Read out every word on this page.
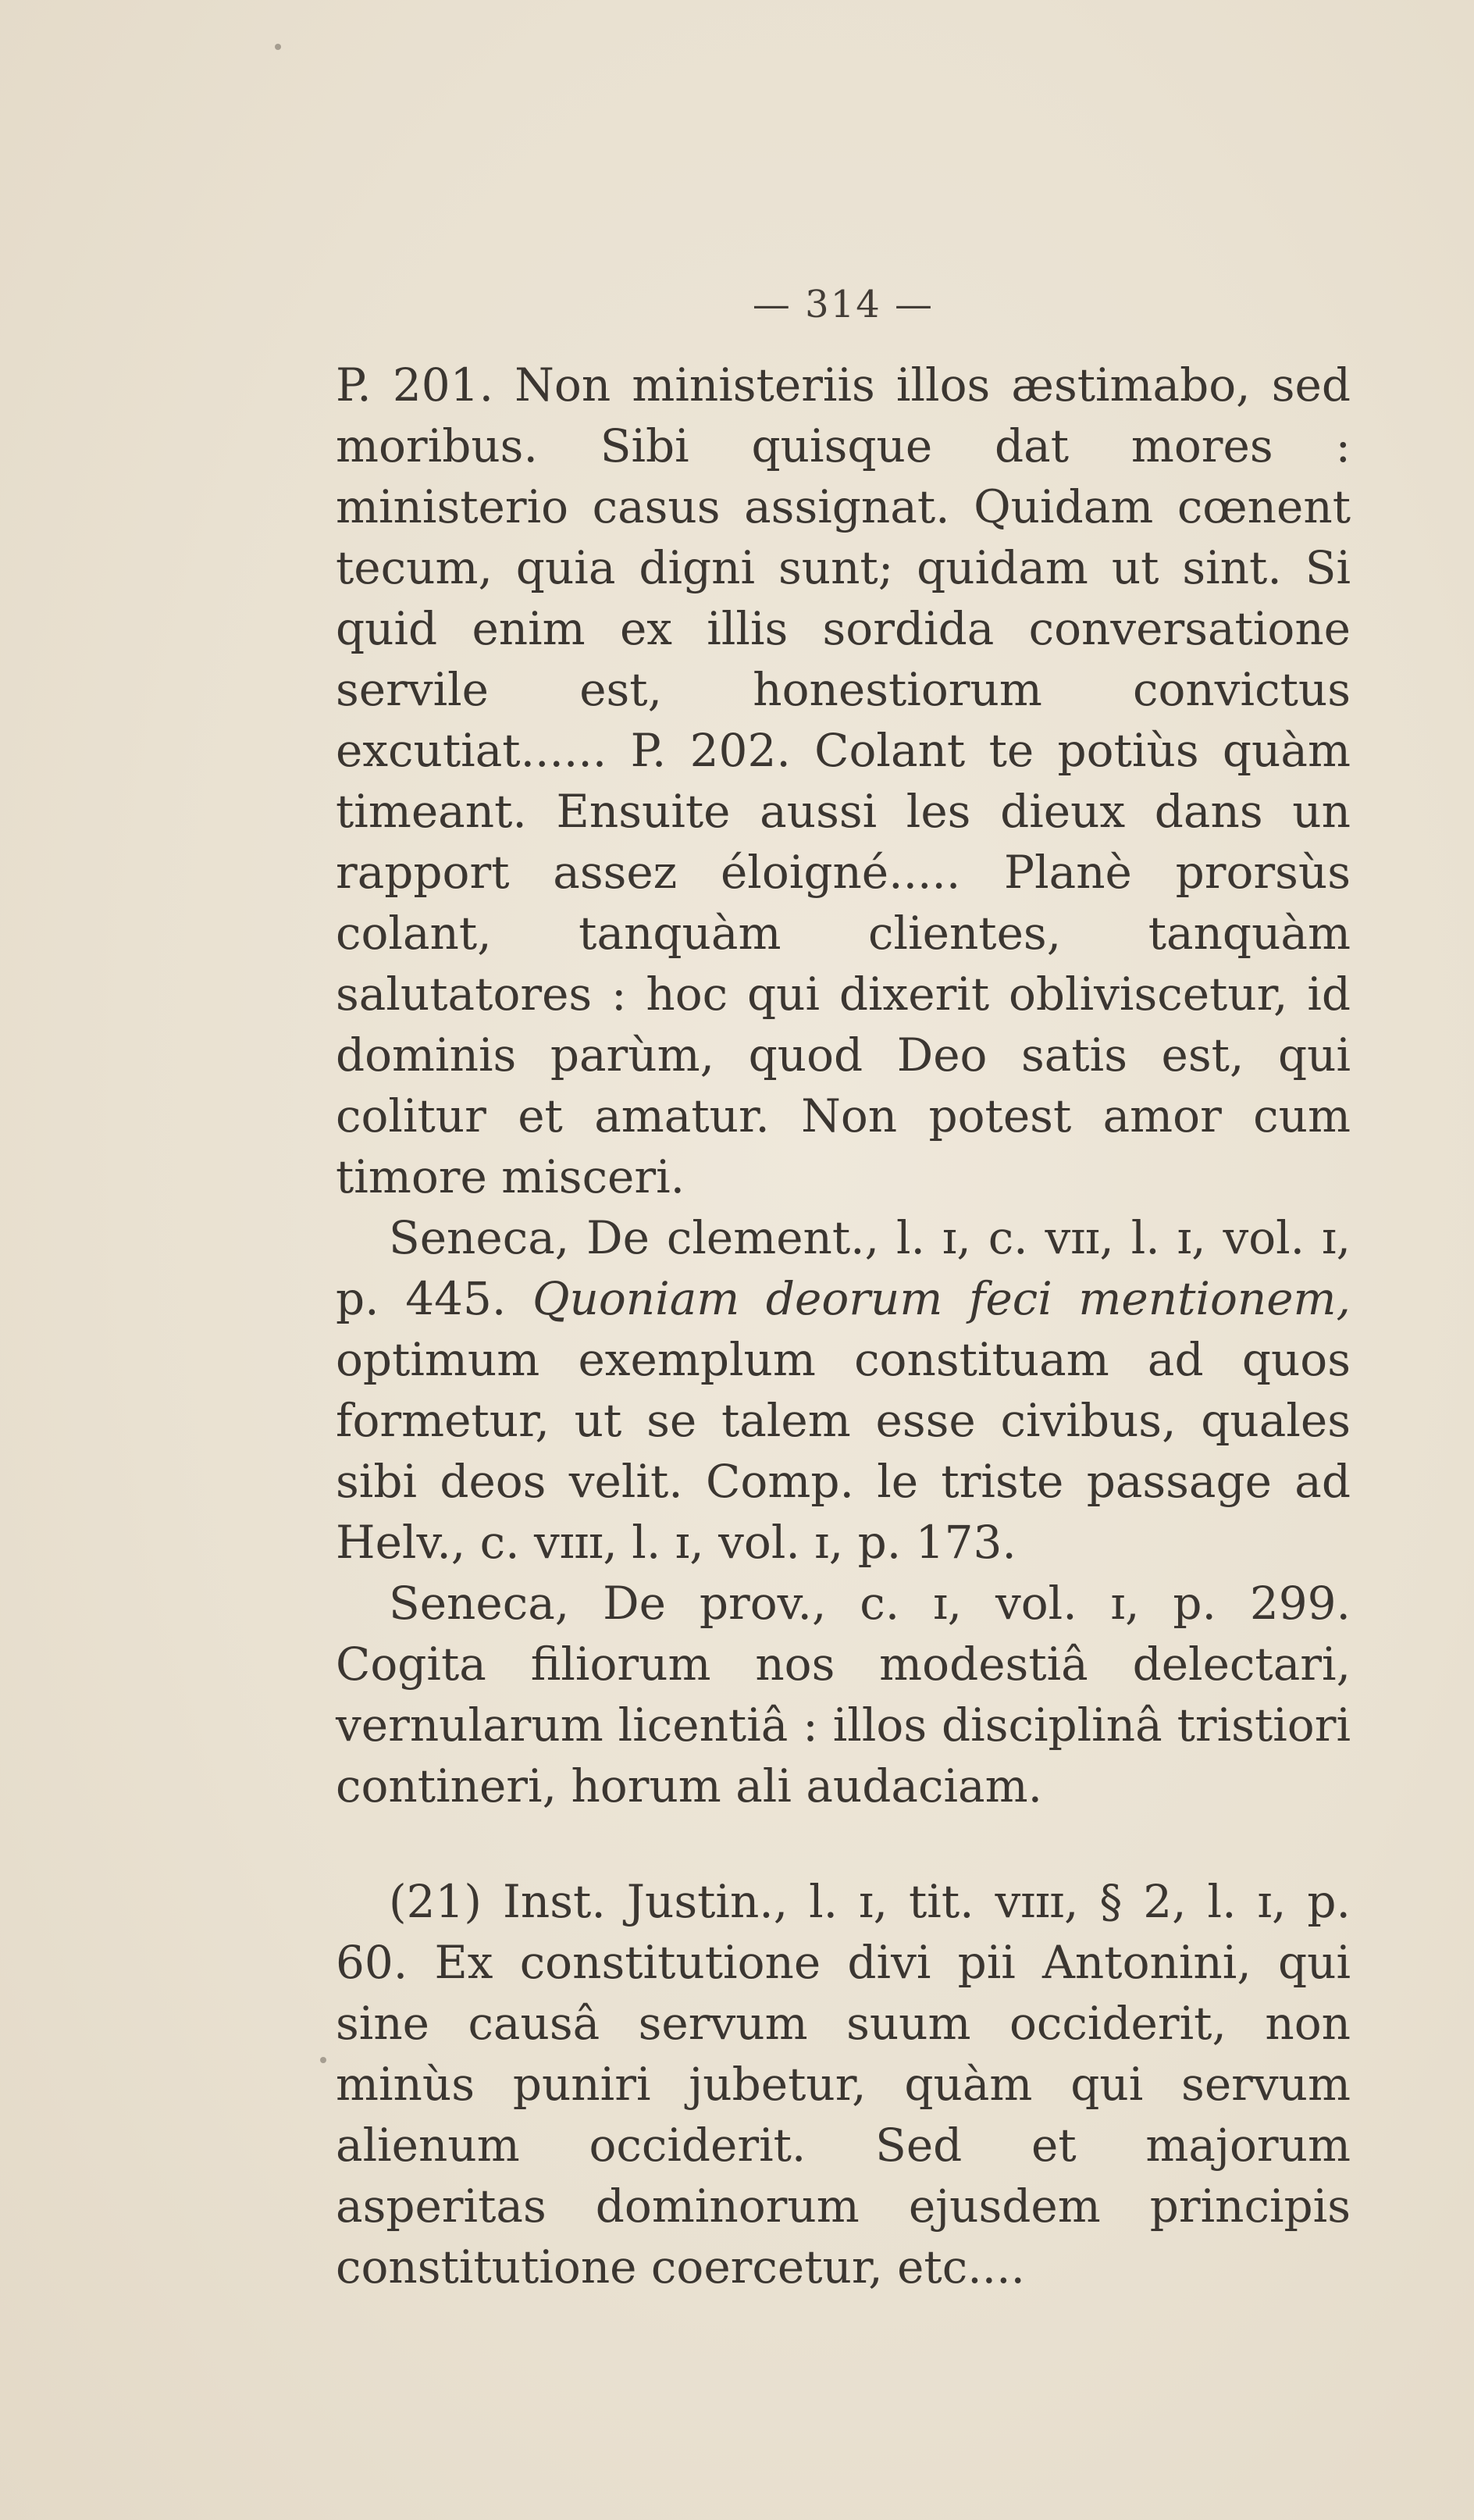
— 314 —

P. 201. Non ministeriis illos æstimabo, sed moribus. Sibi quisque dat mores : ministerio casus assignat. Quidam cœnent tecum, quia digni sunt; quidam ut sint. Si quid enim ex illis sordida conversatione servile est, honestiorum convictus excutiat...... P. 202. Colant te potiùs quàm timeant. Ensuite aussi les dieux dans un rapport assez éloigné..... Planè prorsùs colant, tanquàm clientes, tanquàm salutatores : hoc qui dixerit obliviscetur, id dominis parùm, quod Deo satis est, qui colitur et amatur. Non potest amor cum timore misceri.

Seneca, De clement., l. ɪ, c. ᴠɪɪ, l. ɪ, vol. ɪ, p. 445. Quoniam deorum feci mentionem, optimum exemplum constituam ad quos formetur, ut se talem esse civibus, quales sibi deos velit. Comp. le triste passage ad Helv., c. ᴠɪɪɪ, l. ɪ, vol. ɪ, p. 173.

Seneca, De prov., c. ɪ, vol. ɪ, p. 299. Cogita filiorum nos modestiâ delectari, vernularum licentiâ : illos disciplinâ tristiori contineri, horum ali audaciam.

(21) Inst. Justin., l. ɪ, tit. ᴠɪɪɪ, § 2, l. ɪ, p. 60. Ex constitutione divi pii Antonini, qui sine causâ servum suum occiderit, non minùs puniri jubetur, quàm qui servum alienum occiderit. Sed et majorum asperitas dominorum ejusdem principis constitutione coercetur, etc....
